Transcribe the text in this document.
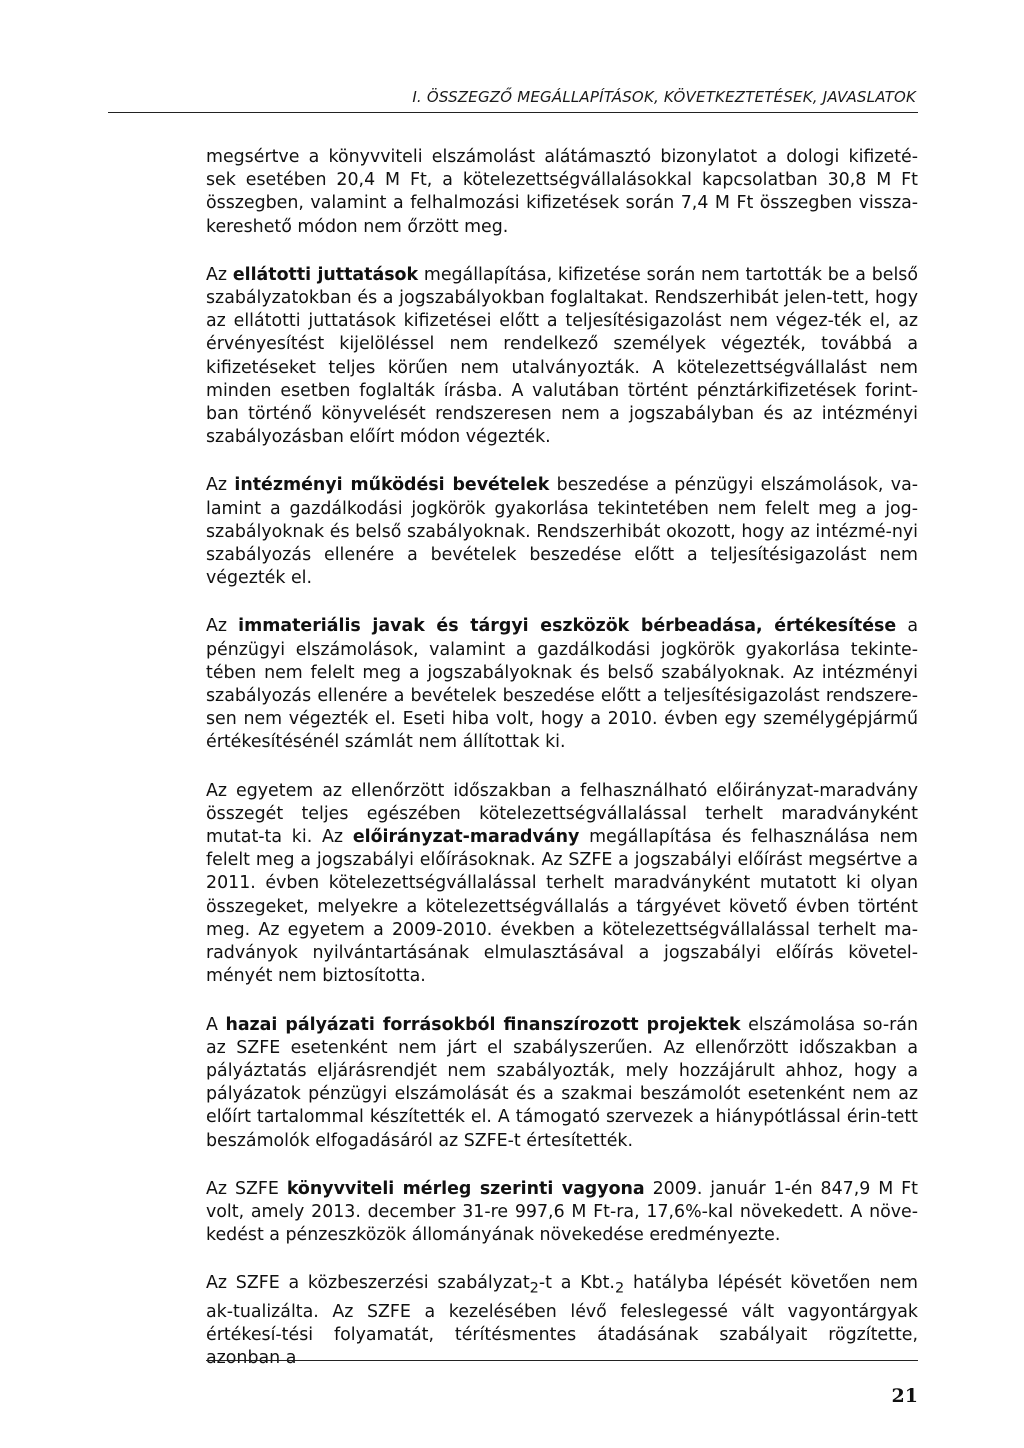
I. ÖSSZEGZŐ MEGÁLLAPÍTÁSOK, KÖVETKEZTETÉSEK, JAVASLATOK

megsértve a könyvviteli elszámolást alátámasztó bizonylatot a dologi kifizeté-sek esetében 20,4 M Ft, a kötelezettségvállalásokkal kapcsolatban 30,8 M Ft összegben, valamint a felhalmozási kifizetések során 7,4 M Ft összegben vissza-kereshető módon nem őrzött meg.

Az ellátotti juttatások megállapítása, kifizetése során nem tartották be a belső szabályzatokban és a jogszabályokban foglaltakat. Rendszerhibát jelen-tett, hogy az ellátotti juttatások kifizetései előtt a teljesítésigazolást nem végez-ték el, az érvényesítést kijelöléssel nem rendelkező személyek végezték, továbbá a kifizetéseket teljes körűen nem utalványozták. A kötelezettségvállalást nem minden esetben foglalták írásba. A valutában történt pénztárkifizetések forint-ban történő könyvelését rendszeresen nem a jogszabályban és az intézményi szabályozásban előírt módon végezték.

Az intézményi működési bevételek beszedése a pénzügyi elszámolások, va-lamint a gazdálkodási jogkörök gyakorlása tekintetében nem felelt meg a jog-szabályoknak és belső szabályoknak. Rendszerhibát okozott, hogy az intézmé-nyi szabályozás ellenére a bevételek beszedése előtt a teljesítésigazolást nem végezték el.

Az immateriális javak és tárgyi eszközök bérbeadása, értékesítése a pénzügyi elszámolások, valamint a gazdálkodási jogkörök gyakorlása tekinte-tében nem felelt meg a jogszabályoknak és belső szabályoknak. Az intézményi szabályozás ellenére a bevételek beszedése előtt a teljesítésigazolást rendszere-sen nem végezték el. Eseti hiba volt, hogy a 2010. évben egy személygépjármű értékesítésénél számlát nem állítottak ki.

Az egyetem az ellenőrzött időszakban a felhasználható előirányzat-maradvány összegét teljes egészében kötelezettségvállalással terhelt maradványként mutat-ta ki. Az előirányzat-maradvány megállapítása és felhasználása nem felelt meg a jogszabályi előírásoknak. Az SZFE a jogszabályi előírást megsértve a 2011. évben kötelezettségvállalással terhelt maradványként mutatott ki olyan összegeket, melyekre a kötelezettségvállalás a tárgyévet követő évben történt meg. Az egyetem a 2009-2010. években a kötelezettségvállalással terhelt ma-radványok nyilvántartásának elmulasztásával a jogszabályi előírás követel-ményét nem biztosította.

A hazai pályázati forrásokból finanszírozott projektek elszámolása so-rán az SZFE esetenként nem járt el szabályszerűen. Az ellenőrzött időszakban a pályáztatás eljárásrendjét nem szabályozták, mely hozzájárult ahhoz, hogy a pályázatok pénzügyi elszámolását és a szakmai beszámolót esetenként nem az előírt tartalommal készítették el. A támogató szervezek a hiánypótlással érin-tett beszámolók elfogadásáról az SZFE-t értesítették.

Az SZFE könyvviteli mérleg szerinti vagyona 2009. január 1-én 847,9 M Ft volt, amely 2013. december 31-re 997,6 M Ft-ra, 17,6%-kal növekedett. A növe-kedést a pénzeszközök állományának növekedése eredményezte.

Az SZFE a közbeszerzési szabályzat$_2$-t a $Kbt._2$ hatályba lépését követően nem ak-tualizálta. Az SZFE a kezelésében lévő feleslegessé vált vagyontárgyak értékesí-tési folyamatát, térítésmentes átadásának szabályait rögzítette, azonban a

21
